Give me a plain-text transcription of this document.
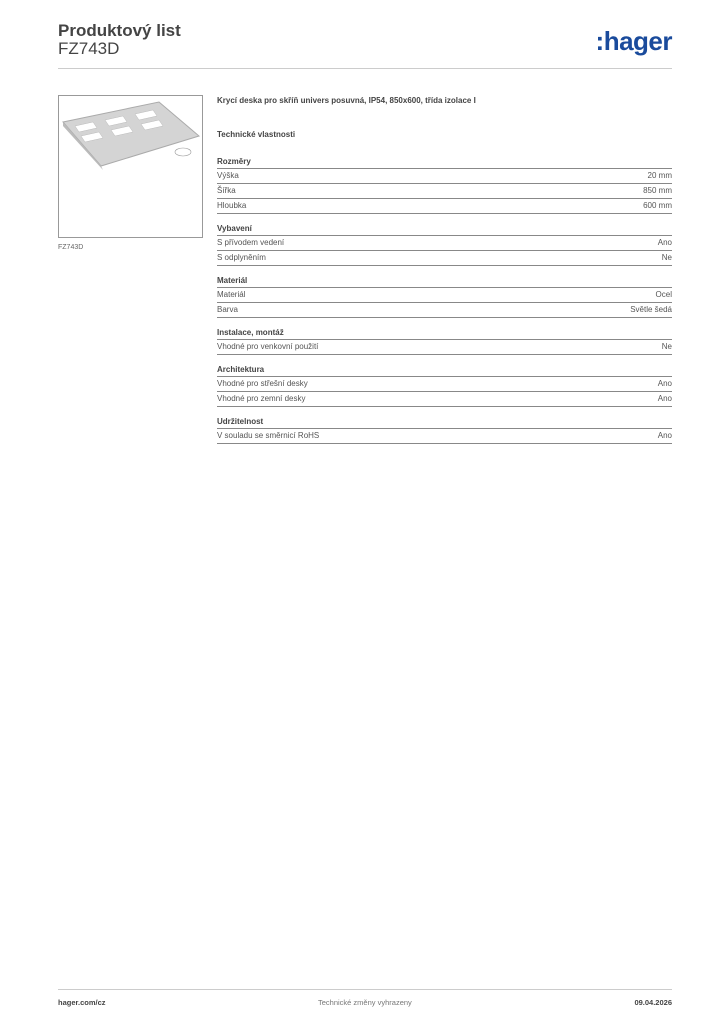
Produktový list
FZ743D	:hager
FZ743D
Krycí deska pro skříň univers posuvná, IP54, 850x600, třída izolace I
Technické vlastnosti
Rozměry
Výška	20 mm
Šířka	850 mm
Hloubka	600 mm
Vybavení
S přívodem vedení	Ano
S odplyněním	Ne
Materiál
Materiál	Ocel
Barva	Světle šedá
Instalace, montáž
Vhodné pro venkovní použití	Ne
Architektura
Vhodné pro střešní desky	Ano
Vhodné pro zemní desky	Ano
Udržitelnost
V souladu se směrnicí RoHS	Ano
hager.com/cz	Technické změny vyhrazeny	09.04.2026
